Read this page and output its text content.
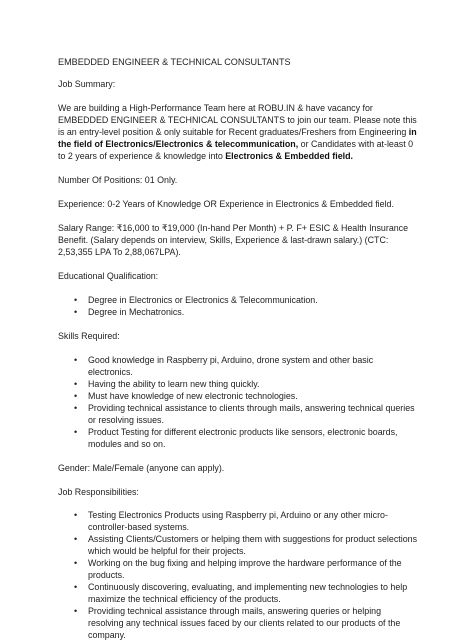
EMBEDDED ENGINEER & TECHNICAL CONSULTANTS
Job Summary:
We are building a High-Performance Team here at ROBU.IN & have vacancy for EMBEDDED ENGINEER & TECHNICAL CONSULTANTS to join our team. Please note this is an entry-level position & only suitable for Recent graduates/Freshers from Engineering in the field of Electronics/Electronics & telecommunication, or Candidates with at-least 0 to 2 years of experience & knowledge into Electronics & Embedded field.
Number Of Positions: 01 Only.
Experience: 0-2 Years of Knowledge OR Experience in Electronics & Embedded field.
Salary Range: ₹16,000 to ₹19,000 (In-hand Per Month) + P. F+ ESIC & Health Insurance Benefit. (Salary depends on interview, Skills, Experience & last-drawn salary.) (CTC: 2,53,355 LPA To 2,88,067LPA).
Educational Qualification:
• Degree in Electronics or Electronics & Telecommunication.
• Degree in Mechatronics.
Skills Required:
• Good knowledge in Raspberry pi, Arduino, drone system and other basic electronics.
• Having the ability to learn new thing quickly.
• Must have knowledge of new electronic technologies.
• Providing technical assistance to clients through mails, answering technical queries or resolving issues.
• Product Testing for different electronic products like sensors, electronic boards, modules and so on.
Gender: Male/Female (anyone can apply).
Job Responsibilities:
• Testing Electronics Products using Raspberry pi, Arduino or any other micro-controller-based systems.
• Assisting Clients/Customers or helping them with suggestions for product selections which would be helpful for their projects.
• Working on the bug fixing and helping improve the hardware performance of the products.
• Continuously discovering, evaluating, and implementing new technologies to help maximize the technical efficiency of the products.
• Providing technical assistance through mails, answering queries or helping resolving any technical issues faced by our clients related to our products of the company.
